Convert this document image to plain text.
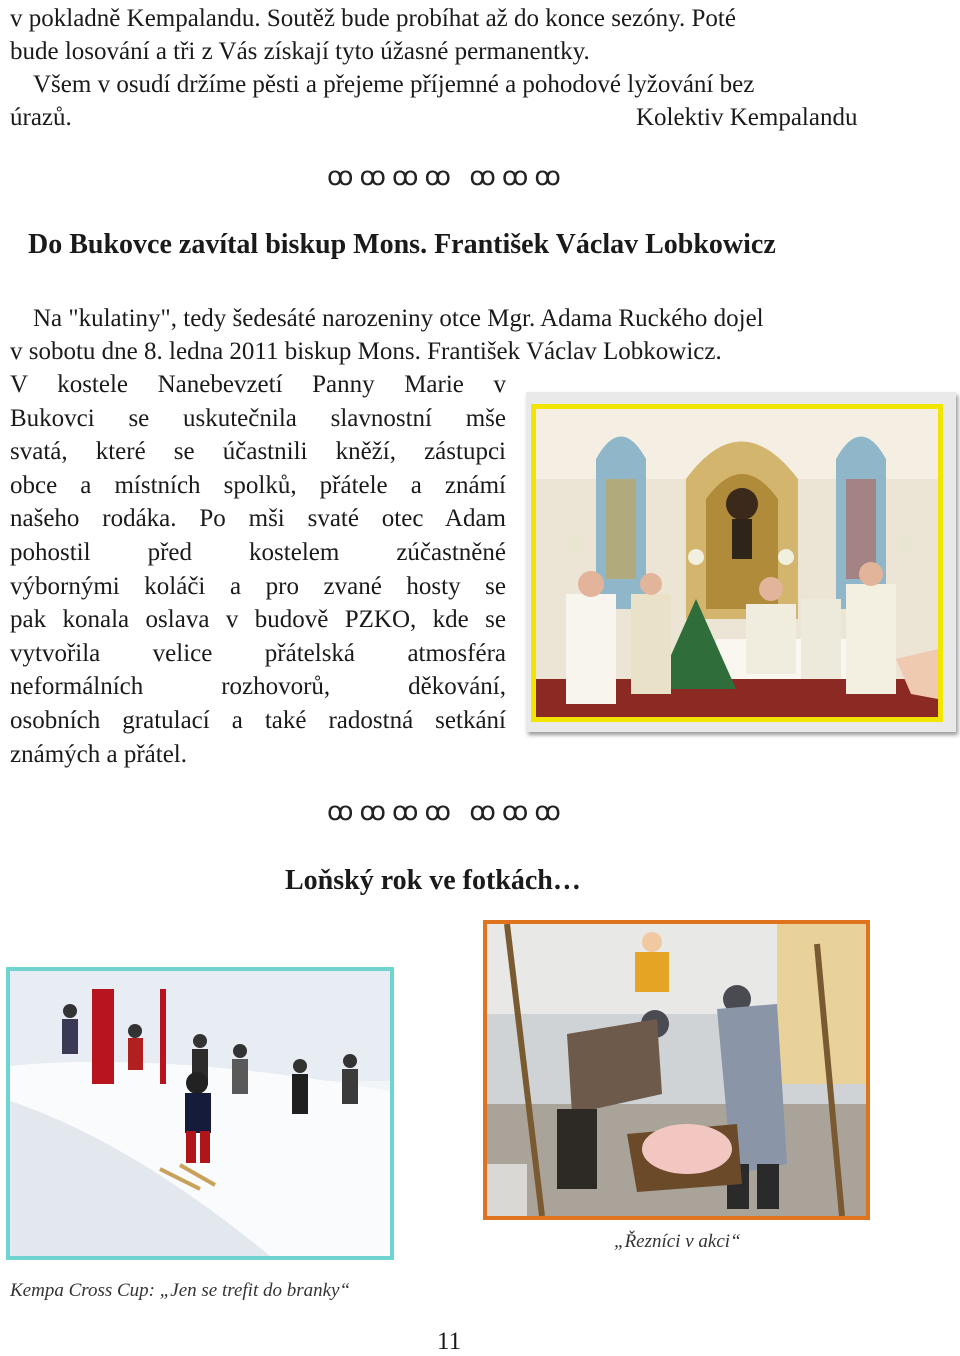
v pokladně Kempalandu. Soutěž bude probíhat až do konce sezóny. Poté
bude losování a tři z Vás získají tyto úžasné permanentky.
Všem v osudí držíme pěsti a přejeme příjemné a pohodové lyžování bez
úrazů.	Kolektiv Kempalandu
ꝏꝏꝏꝏ ꝏꝏꝏ
Do Bukovce zavítal biskup Mons. František Václav Lobkowicz
Na "kulatiny", tedy šedesáté narozeniny otce Mgr. Adama Ruckého dojel
v sobotu dne 8. ledna 2011 biskup Mons. František Václav Lobkowicz.
V kostele Nanebevzetí Panny Marie v
Bukovci se uskutečnila slavnostní mše
svatá, které se účastnili kněží, zástupci
obce a místních spolků, přátele a známí
našeho rodáka. Po mši svaté otec Adam
pohostil před kostelem zúčastněné
výbornými koláči a pro zvané hosty se
pak konala oslava v budově PZKO, kde se
vytvořila velice přátelská atmosféra
neformálních rozhovorů, děkování,
osobních gratulací a také radostná setkání
známých a přátel.
ꝏꝏꝏꝏ ꝏꝏꝏ
Loňský rok ve fotkách…
„Řezníci v akci“
Kempa Cross Cup: „Jen se trefit do branky“
11
